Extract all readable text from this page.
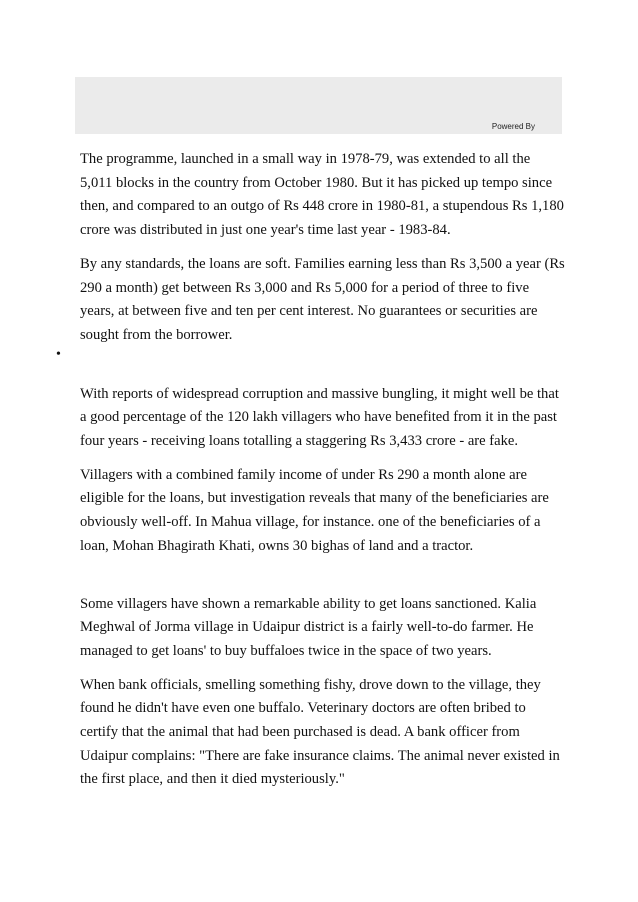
Powered By
•

The programme, launched in a small way in 1978-79, was extended to all the 5,011 blocks in the country from October 1980. But it has picked up tempo since then, and compared to an outgo of Rs 448 crore in 1980-81, a stupendous Rs 1,180 crore was distributed in just one year's time last year - 1983-84.

By any standards, the loans are soft. Families earning less than Rs 3,500 a year (Rs 290 a month) get between Rs 3,000 and Rs 5,000 for a period of three to five years, at between five and ten per cent interest. No guarantees or securities are sought from the borrower.

With reports of widespread corruption and massive bungling, it might well be that a good percentage of the 120 lakh villagers who have benefited from it in the past four years - receiving loans totalling a staggering Rs 3,433 crore - are fake.

Villagers with a combined family income of under Rs 290 a month alone are eligible for the loans, but investigation reveals that many of the beneficiaries are obviously well-off. In Mahua village, for instance. one of the beneficiaries of a loan, Mohan Bhagirath Khati, owns 30 bighas of land and a tractor.

Some villagers have shown a remarkable ability to get loans sanctioned. Kalia Meghwal of Jorma village in Udaipur district is a fairly well-to-do farmer. He managed to get loans' to buy buffaloes twice in the space of two years.

When bank officials, smelling something fishy, drove down to the village, they found he didn't have even one buffalo. Veterinary doctors are often bribed to certify that the animal that had been purchased is dead. A bank officer from Udaipur complains: "There are fake insurance claims. The animal never existed in the first place, and then it died mysteriously."
